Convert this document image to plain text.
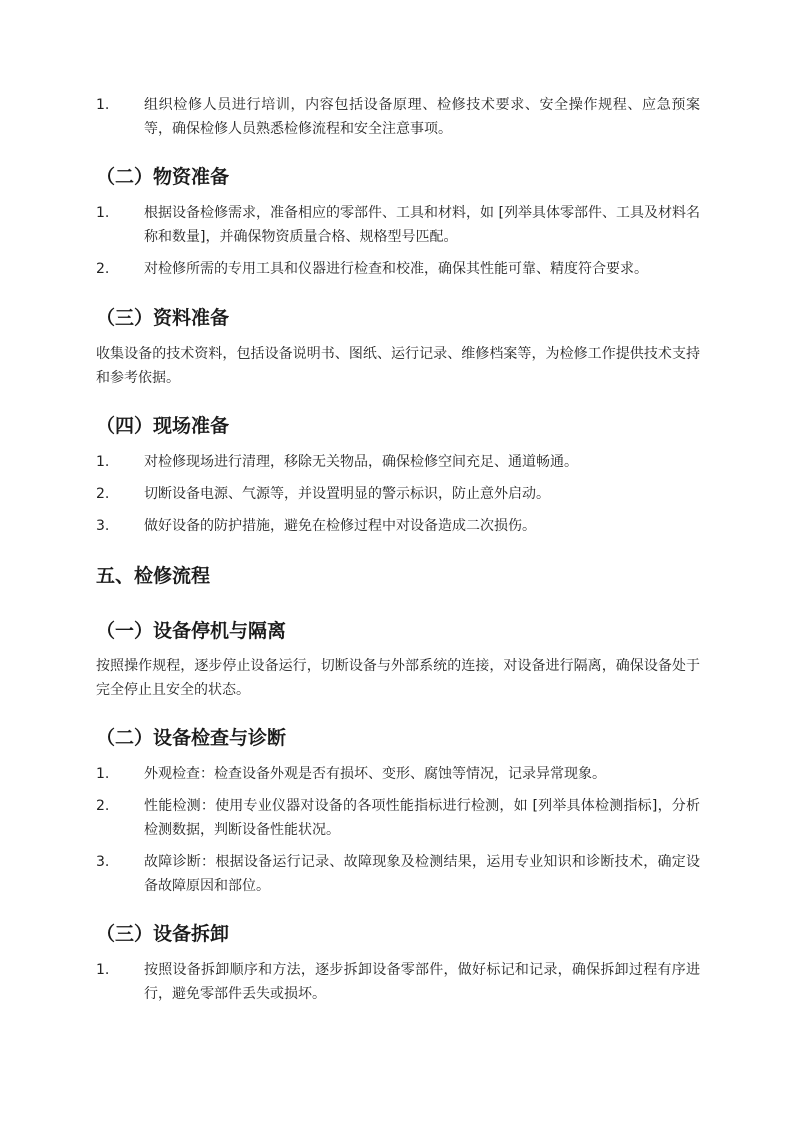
1.	组织检修人员进行培训，内容包括设备原理、检修技术要求、安全操作规程、应急预案等，确保检修人员熟悉检修流程和安全注意事项。
（二）物资准备
1.	根据设备检修需求，准备相应的零部件、工具和材料，如 [列举具体零部件、工具及材料名称和数量]，并确保物资质量合格、规格型号匹配。
2.	对检修所需的专用工具和仪器进行检查和校准，确保其性能可靠、精度符合要求。
（三）资料准备
收集设备的技术资料，包括设备说明书、图纸、运行记录、维修档案等，为检修工作提供技术支持和参考依据。
（四）现场准备
1.	对检修现场进行清理，移除无关物品，确保检修空间充足、通道畅通。
2.	切断设备电源、气源等，并设置明显的警示标识，防止意外启动。
3.	做好设备的防护措施，避免在检修过程中对设备造成二次损伤。
五、检修流程
（一）设备停机与隔离
按照操作规程，逐步停止设备运行，切断设备与外部系统的连接，对设备进行隔离，确保设备处于完全停止且安全的状态。
（二）设备检查与诊断
1.	外观检查：检查设备外观是否有损坏、变形、腐蚀等情况，记录异常现象。
2.	性能检测：使用专业仪器对设备的各项性能指标进行检测，如 [列举具体检测指标]，分析检测数据，判断设备性能状况。
3.	故障诊断：根据设备运行记录、故障现象及检测结果，运用专业知识和诊断技术，确定设备故障原因和部位。
（三）设备拆卸
1.	按照设备拆卸顺序和方法，逐步拆卸设备零部件，做好标记和记录，确保拆卸过程有序进行，避免零部件丢失或损坏。
